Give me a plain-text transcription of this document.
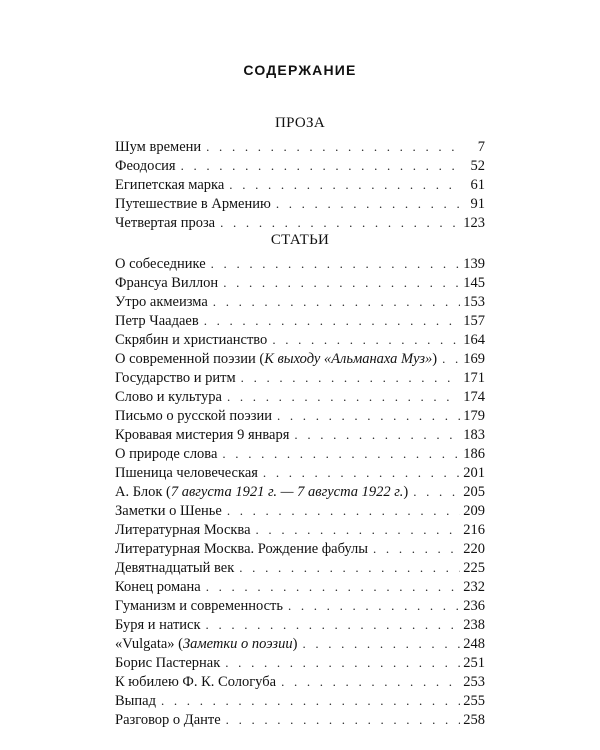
СОДЕРЖАНИЕ
ПРОЗА
Шум времени . . .	7
Феодосия . . .	52
Египетская марка . . .	61
Путешествие в Армению . . .	91
Четвертая проза . . .	123
СТАТЬИ
О собеседнике . . .	139
Франсуа Виллон . . .	145
Утро акмеизма . . .	153
Петр Чаадаев . . .	157
Скрябин и христианство . . .	164
О современной поэзии (К выходу «Альманаха Муз») . . . 169
Государство и ритм . . .	171
Слово и культура . . .	174
Письмо о русской поэзии . . .	179
Кровавая мистерия 9 января . . .	183
О природе слова . . .	186
Пшеница человеческая . . .	201
А. Блок (7 августа 1921 г. — 7 августа 1922 г.) . . .	205
Заметки о Шенье . . .	209
Литературная Москва . . .	216
Литературная Москва. Рождение фабулы . . .	220
Девятнадцатый век . . .	225
Конец романа . . .	232
Гуманизм и современность . . .	236
Буря и натиск . . .	238
«Vulgata» (Заметки о поэзии) . . .	248
Борис Пастернак . . .	251
К юбилею Ф. К. Сологуба . . .	253
Выпад . . .	255
Разговор о Данте . . .	258
